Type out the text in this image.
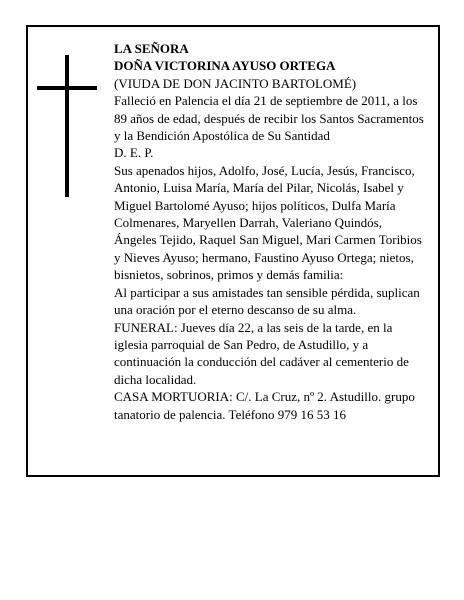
LA SEÑORA

DOÑA VICTORINA AYUSO ORTEGA

(VIUDA DE DON JACINTO BARTOLOMÉ)

Falleció en Palencia el día 21 de septiembre de 2011, a los 89 años de edad, después de recibir los Santos Sacramentos y la Bendición Apostólica de Su Santidad

D. E. P.

Sus apenados hijos, Adolfo, José, Lucía, Jesús, Francisco, Antonio, Luisa María, María del Pilar, Nicolás, Isabel y Miguel Bartolomé Ayuso; hijos políticos, Dulfa María Colmenares, Maryellen Darrah, Valeriano Quindós, Ángeles Tejido, Raquel San Miguel, Mari Carmen Toribios y Nieves Ayuso; hermano, Faustino Ayuso Ortega; nietos, bisnietos, sobrinos, primos y demás familia:

Al participar a sus amistades tan sensible pérdida, suplican una oración por el eterno descanso de su alma.

FUNERAL: Jueves día 22, a las seis de la tarde, en la iglesia parroquial de San Pedro, de Astudillo, y a continuación la conducción del cadáver al cementerio de dicha localidad.

CASA MORTUORIA: C/. La Cruz, nº 2. Astudillo. grupo tanatorio de palencia. Teléfono 979 16 53 16
